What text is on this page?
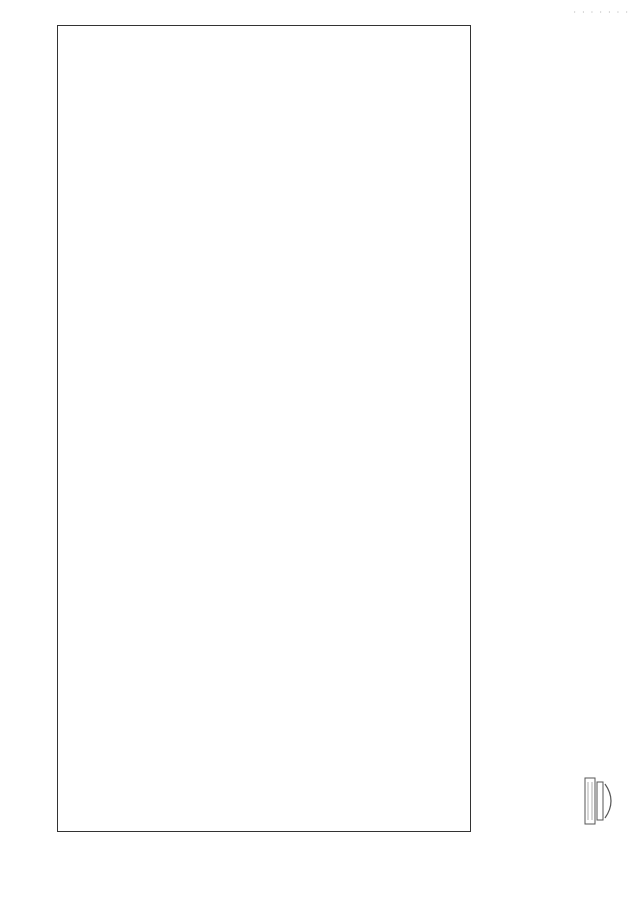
· · · · · · ·
